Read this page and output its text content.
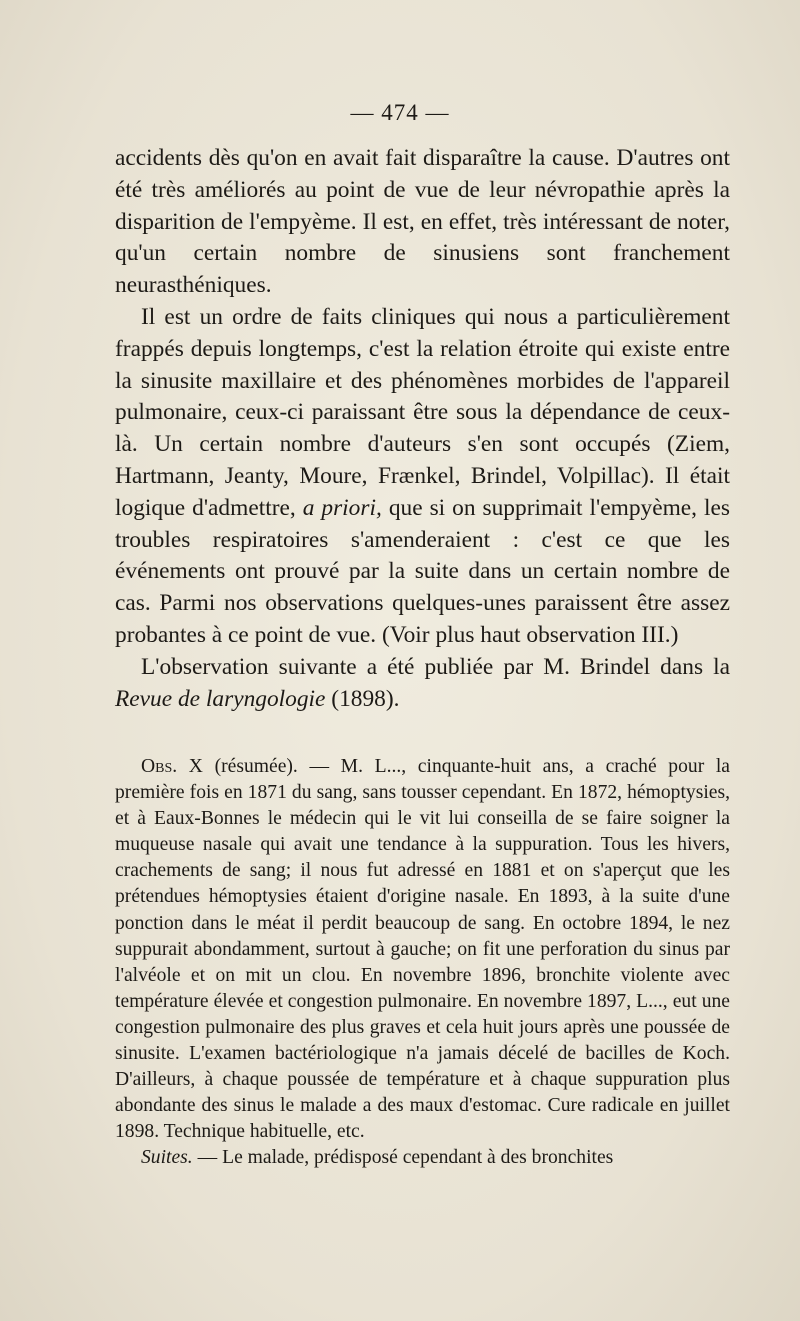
— 474 —

accidents dès qu'on en avait fait disparaître la cause. D'autres ont été très améliorés au point de vue de leur névropathie après la disparition de l'empyème. Il est, en effet, très intéressant de noter, qu'un certain nombre de sinusiens sont franchement neurasthéniques.

Il est un ordre de faits cliniques qui nous a particulièrement frappés depuis longtemps, c'est la relation étroite qui existe entre la sinusite maxillaire et des phénomènes morbides de l'appareil pulmonaire, ceux-ci paraissant être sous la dépendance de ceux-là. Un certain nombre d'auteurs s'en sont occupés (Ziem, Hartmann, Jeanty, Moure, Frænkel, Brindel, Volpillac). Il était logique d'admettre, a priori, que si on supprimait l'empyème, les troubles respiratoires s'amenderaient : c'est ce que les événements ont prouvé par la suite dans un certain nombre de cas. Parmi nos observations quelques-unes paraissent être assez probantes à ce point de vue. (Voir plus haut observation III.)

L'observation suivante a été publiée par M. Brindel dans la Revue de laryngologie (1898).

Obs. X (résumée). — M. L..., cinquante-huit ans, a craché pour la première fois en 1871 du sang, sans tousser cependant. En 1872, hémoptysies, et à Eaux-Bonnes le médecin qui le vit lui conseilla de se faire soigner la muqueuse nasale qui avait une tendance à la suppuration. Tous les hivers, crachements de sang; il nous fut adressé en 1881 et on s'aperçut que les prétendues hémoptysies étaient d'origine nasale. En 1893, à la suite d'une ponction dans le méat il perdit beaucoup de sang. En octobre 1894, le nez suppurait abondamment, surtout à gauche; on fit une perforation du sinus par l'alvéole et on mit un clou. En novembre 1896, bronchite violente avec température élevée et congestion pulmonaire. En novembre 1897, L..., eut une congestion pulmonaire des plus graves et cela huit jours après une poussée de sinusite. L'examen bactériologique n'a jamais décelé de bacilles de Koch. D'ailleurs, à chaque poussée de température et à chaque suppuration plus abondante des sinus le malade a des maux d'estomac. Cure radicale en juillet 1898. Technique habituelle, etc.

Suites. — Le malade, prédisposé cependant à des bronchites
